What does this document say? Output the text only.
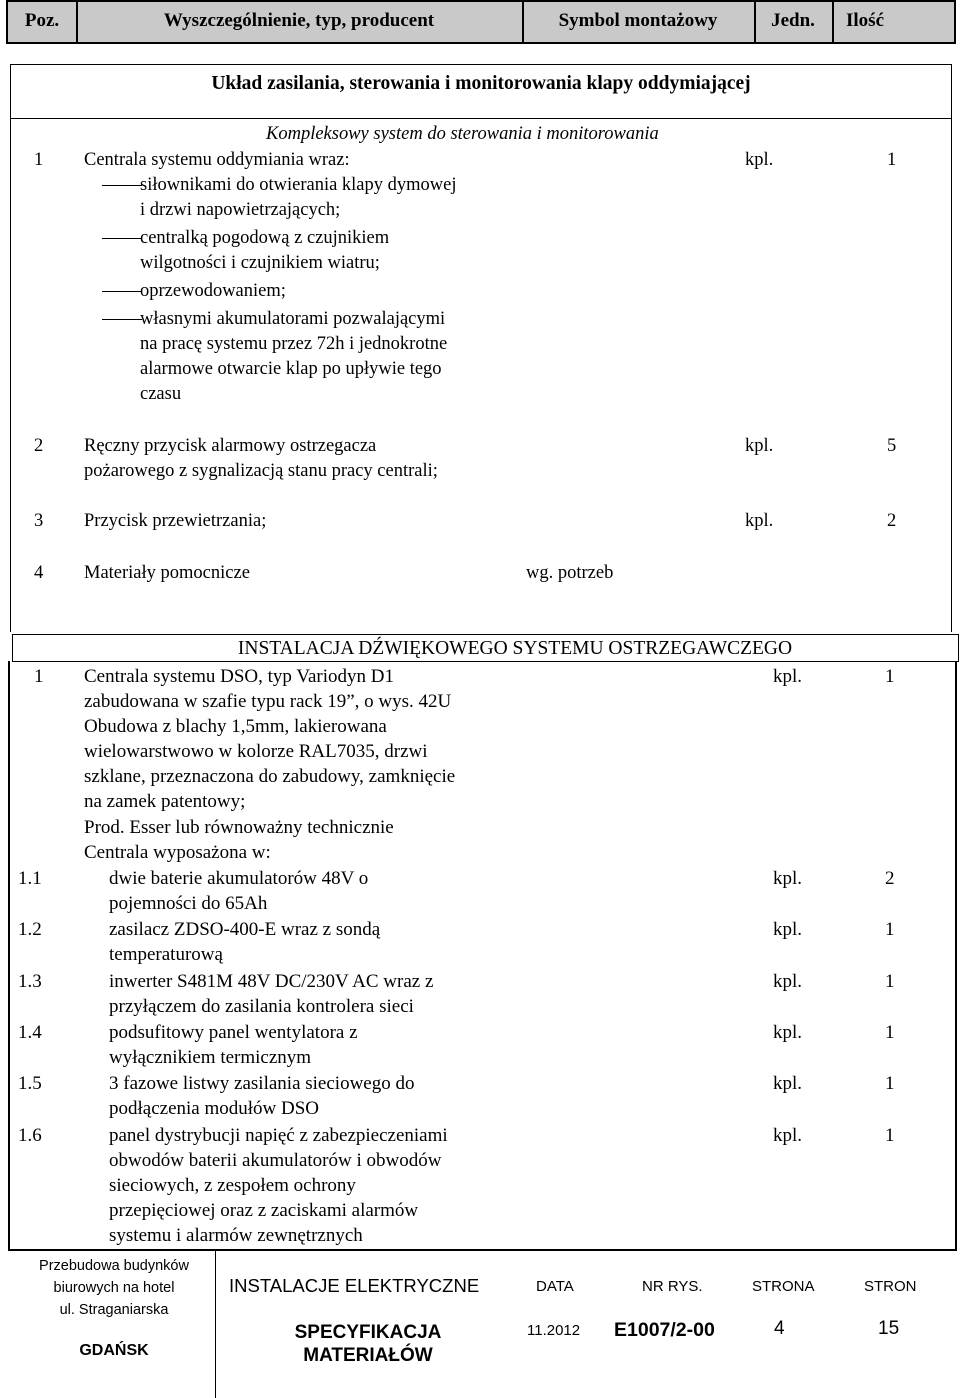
Poz.	Wyszczególnienie, typ, producent	Symbol montażowy	Jedn.	Ilość
Układ zasilania, sterowania i monitorowania klapy oddymiającej
Kompleksowy system do sterowania i monitorowania
1 Centrala systemu oddymiania wraz:	kpl.	1
siłownikami do otwierania klapy dymowej
i drzwi napowietrzających;
centralką pogodową z czujnikiem
wilgotności i czujnikiem wiatru;
oprzewodowaniem;
własnymi akumulatorami pozwalającymi
na pracę systemu przez 72h i jednokrotne
alarmowe otwarcie klap po upływie tego
czasu
2 Ręczny przycisk alarmowy ostrzegacza
pożarowego z sygnalizacją stanu pracy centrali;
kpl.	5
3 Przycisk przewietrzania;	kpl.	2
4 Materiały pomocnicze	wg. potrzeb
INSTALACJA DŹWIĘKOWEGO SYSTEMU OSTRZEGAWCZEGO
1 Centrala systemu DSO, typ Variodyn D1
zabudowana w szafie typu rack 19”, o wys. 42U
Obudowa z blachy 1,5mm, lakierowana
wielowarstwowo w kolorze RAL7035, drzwi
szklane, przeznaczona do zabudowy, zamknięcie
na zamek patentowy;
Prod. Esser lub równoważny technicznie
Centrala wyposażona w:
kpl.	1
1.1	dwie baterie akumulatorów 48V o
pojemności do 65Ah
kpl.	2
1.2	zasilacz ZDSO-400-E wraz z sondą
temperaturową
kpl.	1
1.3	inwerter S481M 48V DC/230V AC wraz z
przyłączem do zasilania kontrolera sieci
kpl.	1
1.4	podsufitowy panel wentylatora z
wyłącznikiem termicznym
kpl.	1
1.5	3 fazowe listwy zasilania sieciowego do
podłączenia modułów DSO
kpl.	1
1.6	panel dystrybucji napięć z zabezpieczeniami
obwodów baterii akumulatorów i obwodów
sieciowych, z zespołem ochrony
przepięciowej oraz z zaciskami alarmów
systemu i alarmów zewnętrznych
kpl.	1
Przebudowa budynków
biurowych na hotel
ul. Straganiarska
GDAŃSK
INSTALACJE ELEKTRYCZNE
SPECYFIKACJA
MATERIAŁÓW
DATA
11.2012
NR RYS.
E1007/2-00
STRONA
4
STRON
15
